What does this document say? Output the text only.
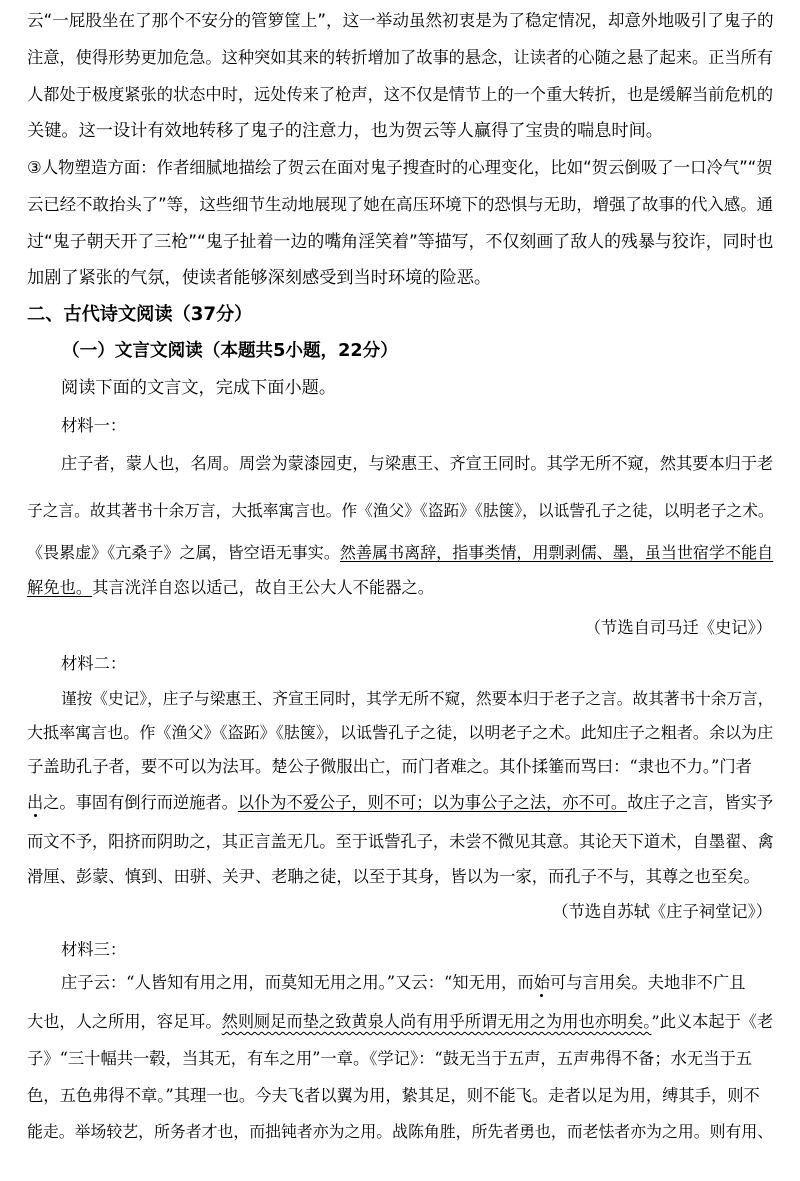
云“一屁股坐在了那个不安分的管箩筐上”，这一举动虽然初衷是为了稳定情况，却意外地吸引了鬼子的
注意，使得形势更加危急。这种突如其来的转折增加了故事的悬念，让读者的心随之悬了起来。正当所有
人都处于极度紧张的状态中时，远处传来了枪声，这不仅是情节上的一个重大转折，也是缓解当前危机的
关键。这一设计有效地转移了鬼子的注意力，也为贺云等人赢得了宝贵的喘息时间。
③人物塑造方面：作者细腻地描绘了贺云在面对鬼子搜查时的心理变化，比如“贺云倒吸了一口冷气”“贺
云已经不敢抬头了”等，这些细节生动地展现了她在高压环境下的恐惧与无助，增强了故事的代入感。通
过“鬼子朝天开了三枪”“鬼子扯着一边的嘴角淫笑着”等描写，不仅刻画了敌人的残暴与狡诈，同时也
加剧了紧张的气氛，使读者能够深刻感受到当时环境的险恶。
二、古代诗文阅读（37分）
（一）文言文阅读（本题共5小题，22分）
阅读下面的文言文，完成下面小题。
材料一：
庄子者，蒙人也，名周。周尝为蒙漆园吏，与梁惠王、齐宣王同时。其学无所不窥，然其要本归于老
子之言。故其著书十余万言，大抵率寓言也。作《渔父》《盗跖》《胠箧》，以诋訾孔子之徒，以明老子之术。
《畏累虚》《亢桑子》之属，皆空语无事实。然善属书离辞，指事类情，用剽剥儒、墨，虽当世宿学不能自
解免也。其言洸洋自恣以适己，故自王公大人不能器之。
（节选自司马迁《史记》）
材料二：
谨按《史记》，庄子与梁惠王、齐宣王同时，其学无所不窥，然要本归于老子之言。故其著书十余万言，
大抵率寓言也。作《渔父》《盗跖》《胠箧》，以诋訾孔子之徒，以明老子之术。此知庄子之粗者。余以为庄
子盖助孔子者，要不可以为法耳。楚公子微服出亡，而门者难之。其仆揉箠而骂曰：“隶也不力。”门者
出之。事固有倒行而逆施者。以仆为不爱公子，则不可；以为事公子之法，亦不可。故庄子之言，皆实予
而文不予，阳挤而阴助之，其正言盖无几。至于诋訾孔子，未尝不微见其意。其论天下道术，自墨翟、禽
滑厘、彭蒙、慎到、田骈、关尹、老聃之徒，以至于其身，皆以为一家，而孔子不与，其尊之也至矣。
（节选自苏轼《庄子祠堂记》）
材料三：
庄子云：“人皆知有用之用，而莫知无用之用。”又云：“知无用，而始可与言用矣。夫地非不广且
大也，人之所用，容足耳。然则厕足而垫之致黄泉人尚有用乎所谓无用之为用也亦明矣。”此义本起于《老
子》“三十幅共一毂，当其无，有车之用”一章。《学记》：“鼓无当于五声，五声弗得不备；水无当于五
色，五色弗得不章。”其理一也。今夫飞者以翼为用，絷其足，则不能飞。走者以足为用，缚其手，则不
能走。举场较艺，所务者才也，而拙钝者亦为之用。战陈角胜，所先者勇也，而老怯者亦为之用。则有用、
